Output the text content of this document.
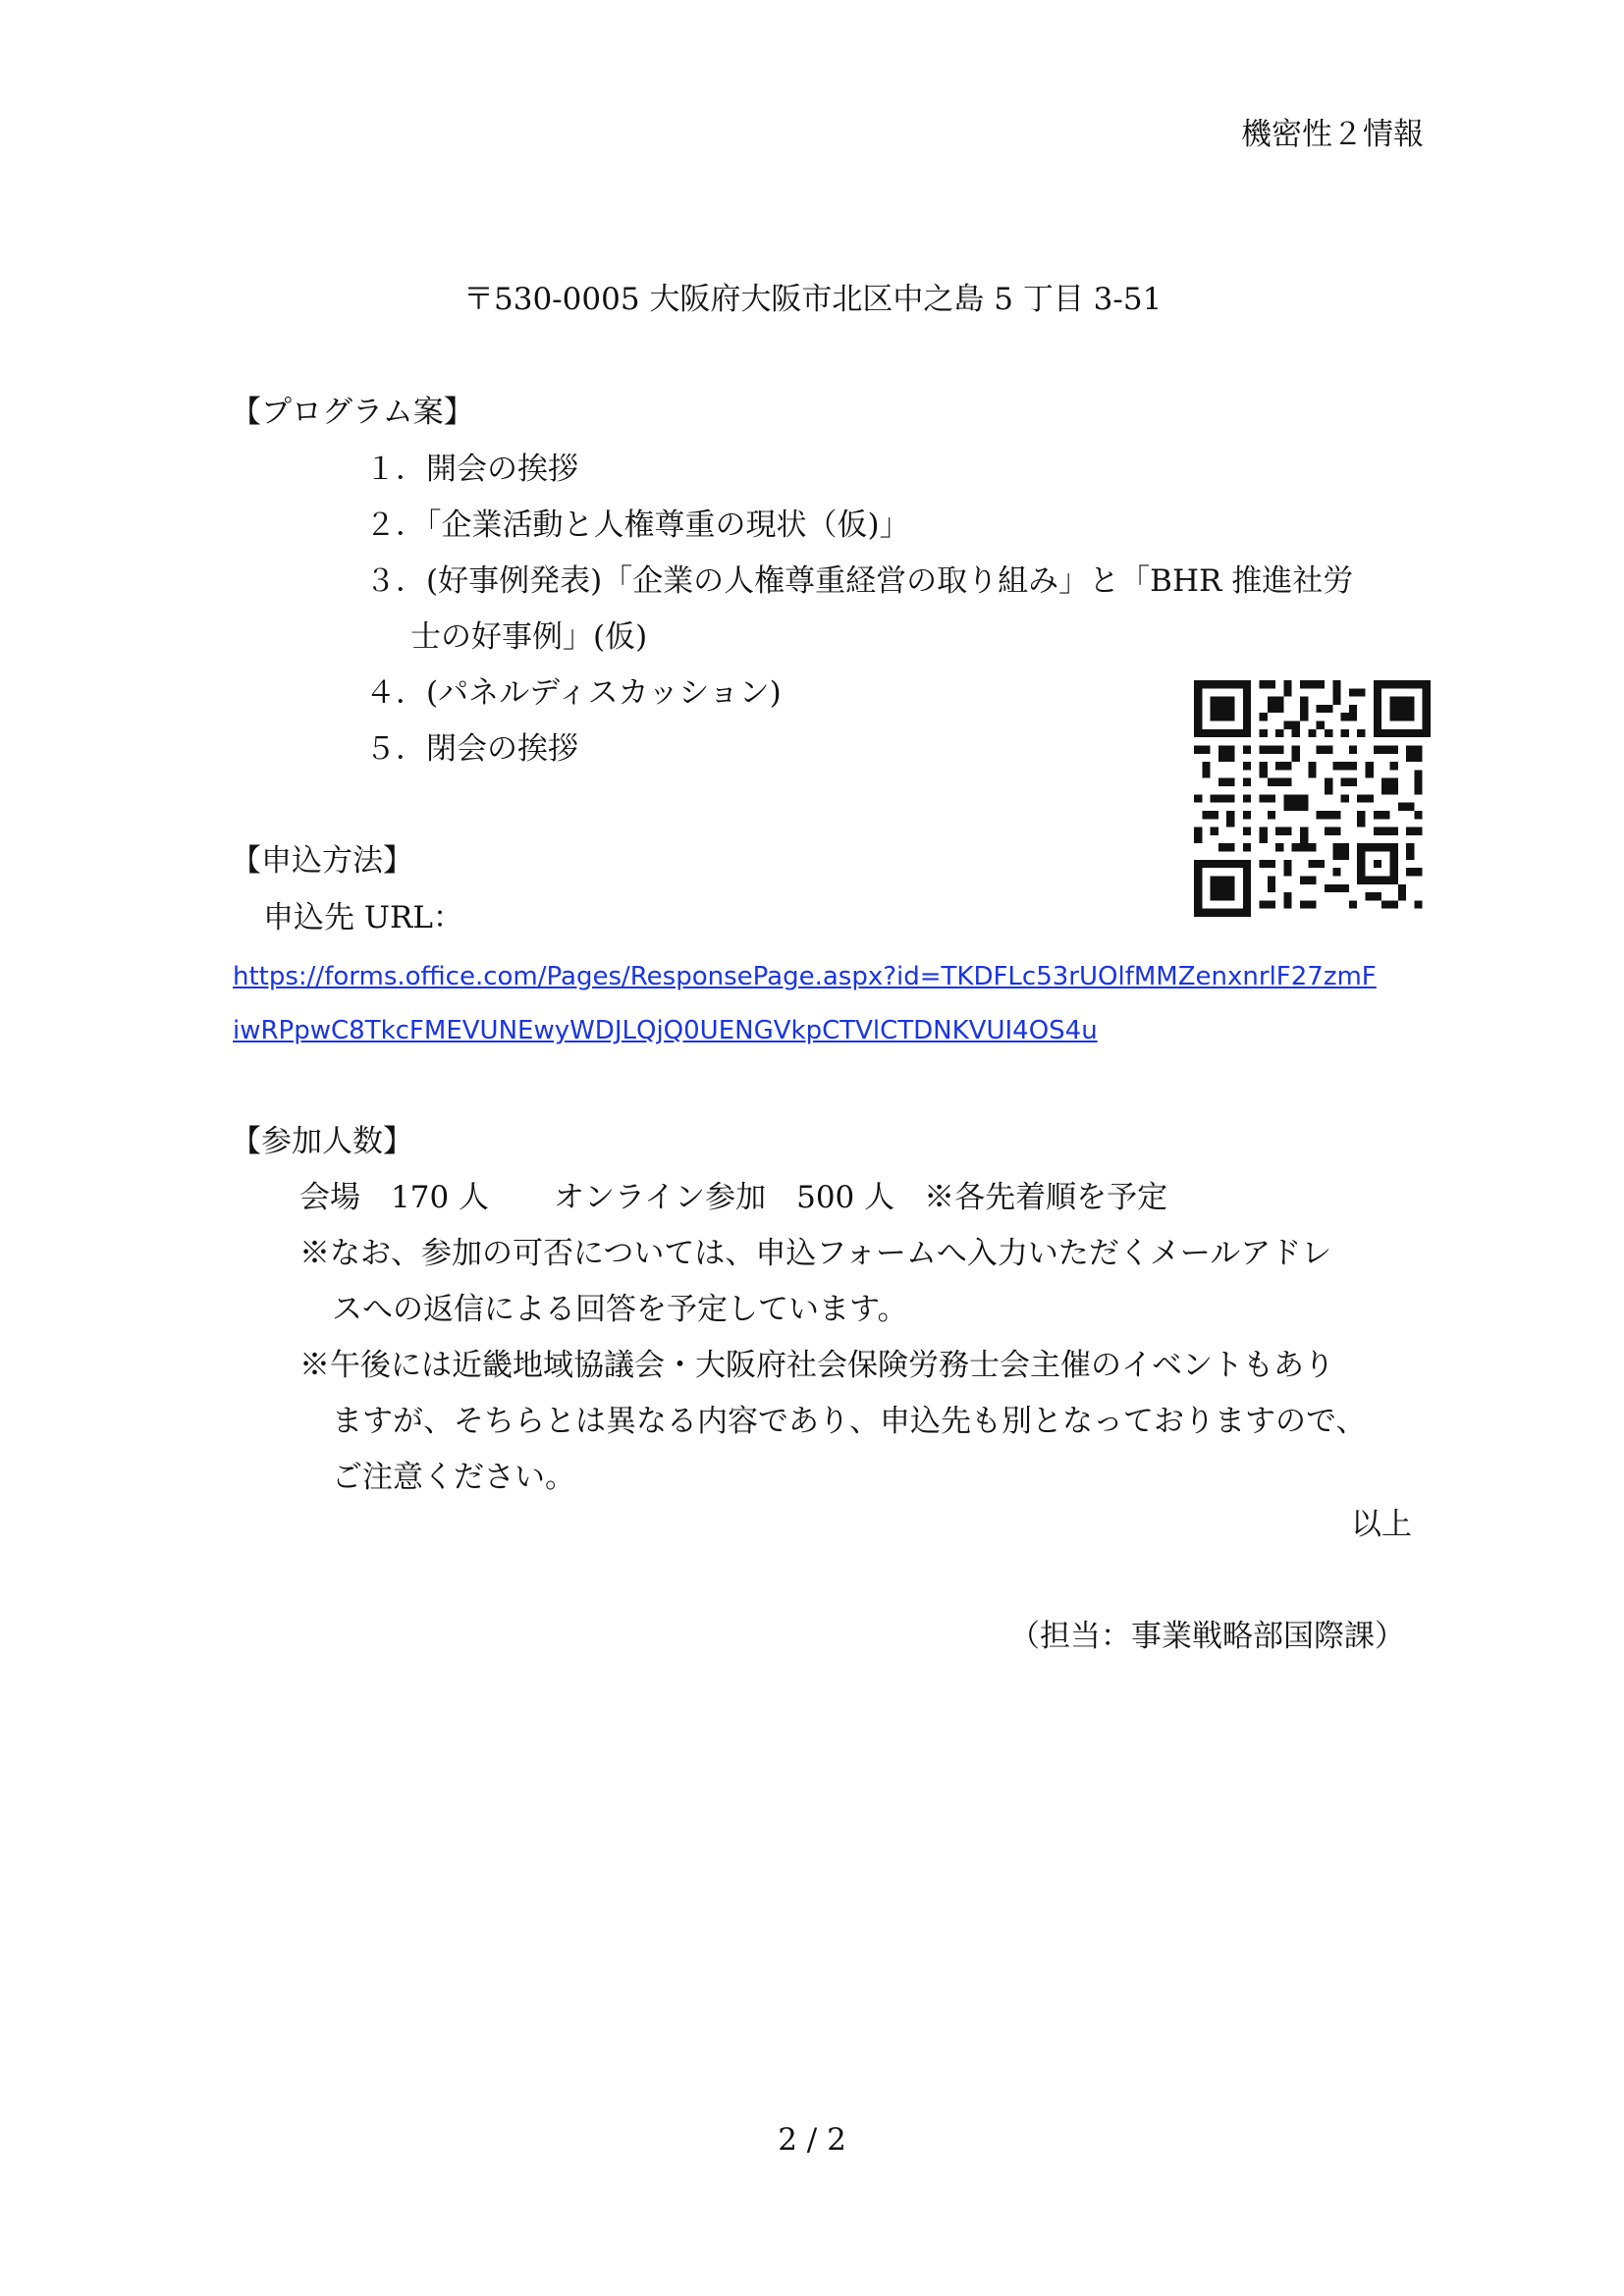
機密性２情報
〒530-0005 大阪府大阪市北区中之島 5 丁目 3-51
【プログラム案】
１．開会の挨拶
２．「企業活動と人権尊重の現状（仮)」
３．(好事例発表)「企業の人権尊重経営の取り組み」と「BHR 推進社労
士の好事例」(仮)
４．(パネルディスカッション)
５．閉会の挨拶
【申込方法】
申込先 URL：
https://forms.office.com/Pages/ResponsePage.aspx?id=TKDFLc53rUOlfMMZenxnrlF27zmF
iwRPpwC8TkcFMEVUNEwyWDJLQjQ0UENGVkpCTVlCTDNKVUI4OS4u
【参加人数】
会場　170 人 オンライン参加　500 人 ※各先着順を予定
※なお、参加の可否については、申込フォームへ入力いただくメールアドレ
スへの返信による回答を予定しています。
※午後には近畿地域協議会・大阪府社会保険労務士会主催のイベントもあり
ますが、そちらとは異なる内容であり、申込先も別となっておりますので、
ご注意ください。
以上
（担当：事業戦略部国際課）
2 / 2
